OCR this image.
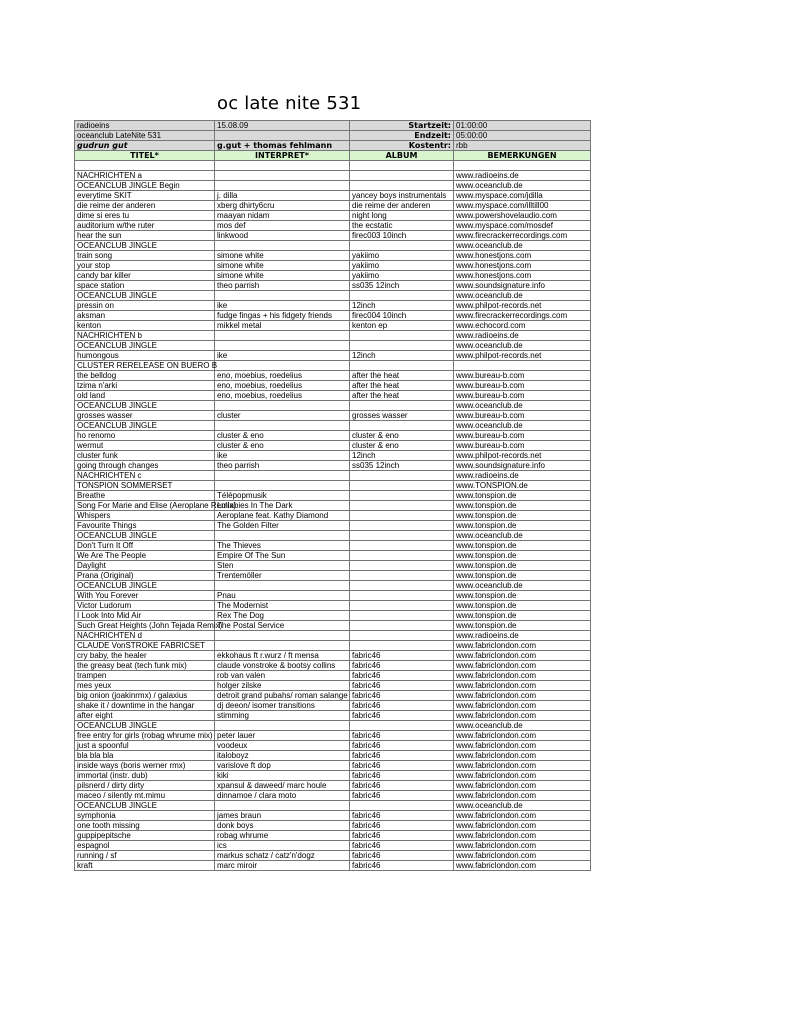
oc late nite 531
radioeins	15.08.09	Startzeit:	01:00:00
oceanclub LateNite 531		Endzeit:	05:00:00
gudrun gut	g.gut + thomas fehlmann	Kostentr:	rbb
TITEL*	INTERPRET*	ALBUM	BEMERKUNGEN

NACHRICHTEN a			www.radioeins.de
OCEANCLUB JINGLE Begin			www.oceanclub.de
everytime SKIT	j. dilla	yancey boys instrumentals	www.myspace.com/jdilla
die reime der anderen	xberg dhirty6cru	die reime der anderen	www.myspace.com/illtill00
dime si eres tu	maayan nidam	night long	www.powershovelaudio.com
auditorium w/the ruter	mos def	the ecstatic	www.myspace.com/mosdef
hear the sun	linkwood	firec003 10inch	www.firecrackerrecordings.com
OCEANCLUB JINGLE			www.oceanclub.de
train song	simone white	yakiimo	www.honestjons.com
your stop	simone white	yakiimo	www.honestjons.com
candy bar killer	simone white	yakiimo	www.honestjons.com
space station	theo parrish	ss035 12inch	www.soundsignature.info
OCEANCLUB JINGLE			www.oceanclub.de
pressin on	ike	12inch	www.philpot-records.net
aksman	fudge fingas + his fidgety friends	firec004 10inch	www.firecrackerrecordings.com
kenton	mikkel metal	kenton ep	www.echocord.com
NACHRICHTEN b			www.radioeins.de
OCEANCLUB JINGLE			www.oceanclub.de
humongous	ike	12inch	www.philpot-records.net
CLUSTER RERELEASE ON BUERO B			
the belldog	eno, moebius, roedelius	after the heat	www.bureau-b.com
tzima n'arki	eno, moebius, roedelius	after the heat	www.bureau-b.com
old land	eno, moebius, roedelius	after the heat	www.bureau-b.com
OCEANCLUB JINGLE			www.oceanclub.de
grosses wasser	cluster	grosses wasser	www.bureau-b.com
OCEANCLUB JINGLE			www.oceanclub.de
ho renomo	cluster & eno	cluster & eno	www.bureau-b.com
wermut	cluster & eno	cluster & eno	www.bureau-b.com
cluster funk	ike	12inch	www.philpot-records.net
going through changes	theo parrish	ss035 12inch	www.soundsignature.info
NACHRICHTEN c			www.radioeins.de
TONSPION SOMMERSET			www.TONSPION.de
Breathe	Télépopmusik		www.tonspion.de
Song For Marie and Elise (Aeroplane Remix)	Lullabies In The Dark		www.tonspion.de
Whispers	Aeroplane feat. Kathy Diamond		www.tonspion.de
Favourite Things	The Golden Filter		www.tonspion.de
OCEANCLUB JINGLE			www.oceanclub.de
Don't Turn It Off	The Thieves		www.tonspion.de
We Are The People	Empire Of The Sun		www.tonspion.de
Daylight	Sten		www.tonspion.de
Prana (Original)	Trentemöller		www.tonspion.de
OCEANCLUB JINGLE			www.oceanclub.de
With You Forever	Pnau		www.tonspion.de
Victor Ludorum	The Modernist		www.tonspion.de
I Look Into Mid Air	Rex The Dog		www.tonspion.de
Such Great Heights (John Tejada Remix)	The Postal Service		www.tonspion.de
NACHRICHTEN d			www.radioeins.de
CLAUDE VonSTROKE FABRICSET			www.fabriclondon.com
cry baby, the healer	ekkohaus ft r.wurz / ft mensa	fabric46	www.fabriclondon.com
the greasy beat (tech funk mix)	claude vonstroke & bootsy collins	fabric46	www.fabriclondon.com
trampen	rob van valen	fabric46	www.fabriclondon.com
mes yeux	holger zilske	fabric46	www.fabriclondon.com
big onion (joakinrmx) / galaxius	detroit grand pubahs/ roman salange	fabric46	www.fabriclondon.com
shake it / downtime in the hangar	dj deeon/ isomer transitions	fabric46	www.fabriclondon.com
after eight	stimming	fabric46	www.fabriclondon.com
OCEANCLUB JINGLE			www.oceanclub.de
free entry for girls (robag whrume mix)	peter lauer	fabric46	www.fabriclondon.com
just a spoonful	voodeux	fabric46	www.fabriclondon.com
bla bla bla	italoboyz	fabric46	www.fabriclondon.com
inside ways (boris werner rmx)	varislove ft dop	fabric46	www.fabriclondon.com
immortal (instr. dub)	kiki	fabric46	www.fabriclondon.com
pilsnerd / dirty dirty	xpansul & daweed/ marc houle	fabric46	www.fabriclondon.com
maceo / silently mt.mimu	dinnamoe / clara moto	fabric46	www.fabriclondon.com
OCEANCLUB JINGLE			www.oceanclub.de
symphonia	james braun	fabric46	www.fabriclondon.com
one tooth missing	donk boys	fabric46	www.fabriclondon.com
guppipepitsche	robag whrume	fabric46	www.fabriclondon.com
espagnol	ics	fabric46	www.fabriclondon.com
running / sf	markus schatz / catz'n'dogz	fabric46	www.fabriclondon.com
kraft	marc miroir	fabric46	www.fabriclondon.com
